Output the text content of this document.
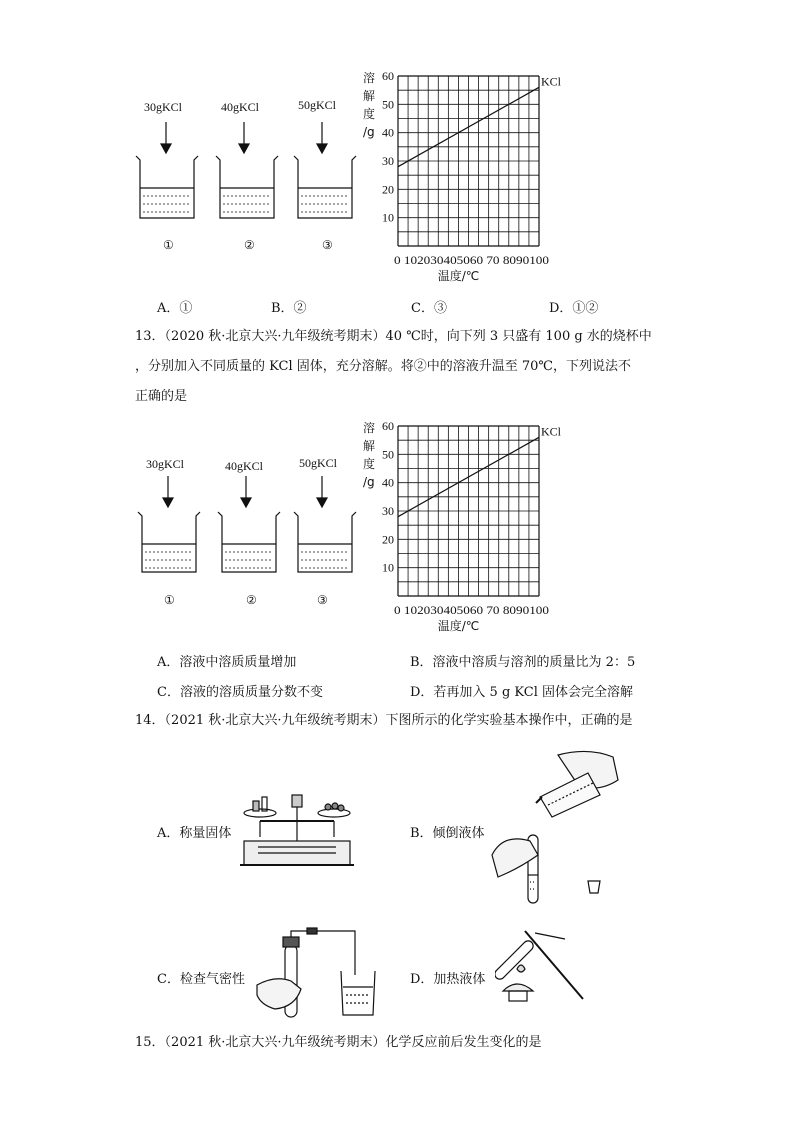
30gKCl	40gKCl	50gKCl
①	②	③
10
20
30
40
50
60
溶
解
度
/g
0 102030405060 70 8090100
温度/℃
KCl
A．①	B．②	C．③	D．①②
13．（2020 秋·北京大兴·九年级统考期末）40 ℃时，向下列 3 只盛有 100 g 水的烧杯中
，分别加入不同质量的 KCl 固体，充分溶解。将②中的溶液升温至 70℃，下列说法不
正确的是
30gKCl	40gKCl	50gKCl
①	②	③
10
20
30
40
50
60
溶
解
度
/g
0 102030405060 70 8090100
温度/℃
KCl
A．溶液中溶质质量增加	B．溶液中溶质与溶剂的质量比为 2：5
C．溶液的溶质质量分数不变	D．若再加入 5 g KCl 固体会完全溶解
14．（2021 秋·北京大兴·九年级统考期末）下图所示的化学实验基本操作中，正确的是
A．称量固体	B．倾倒液体
C．检查气密性	D．加热液体
15．（2021 秋·北京大兴·九年级统考期末）化学反应前后发生变化的是
